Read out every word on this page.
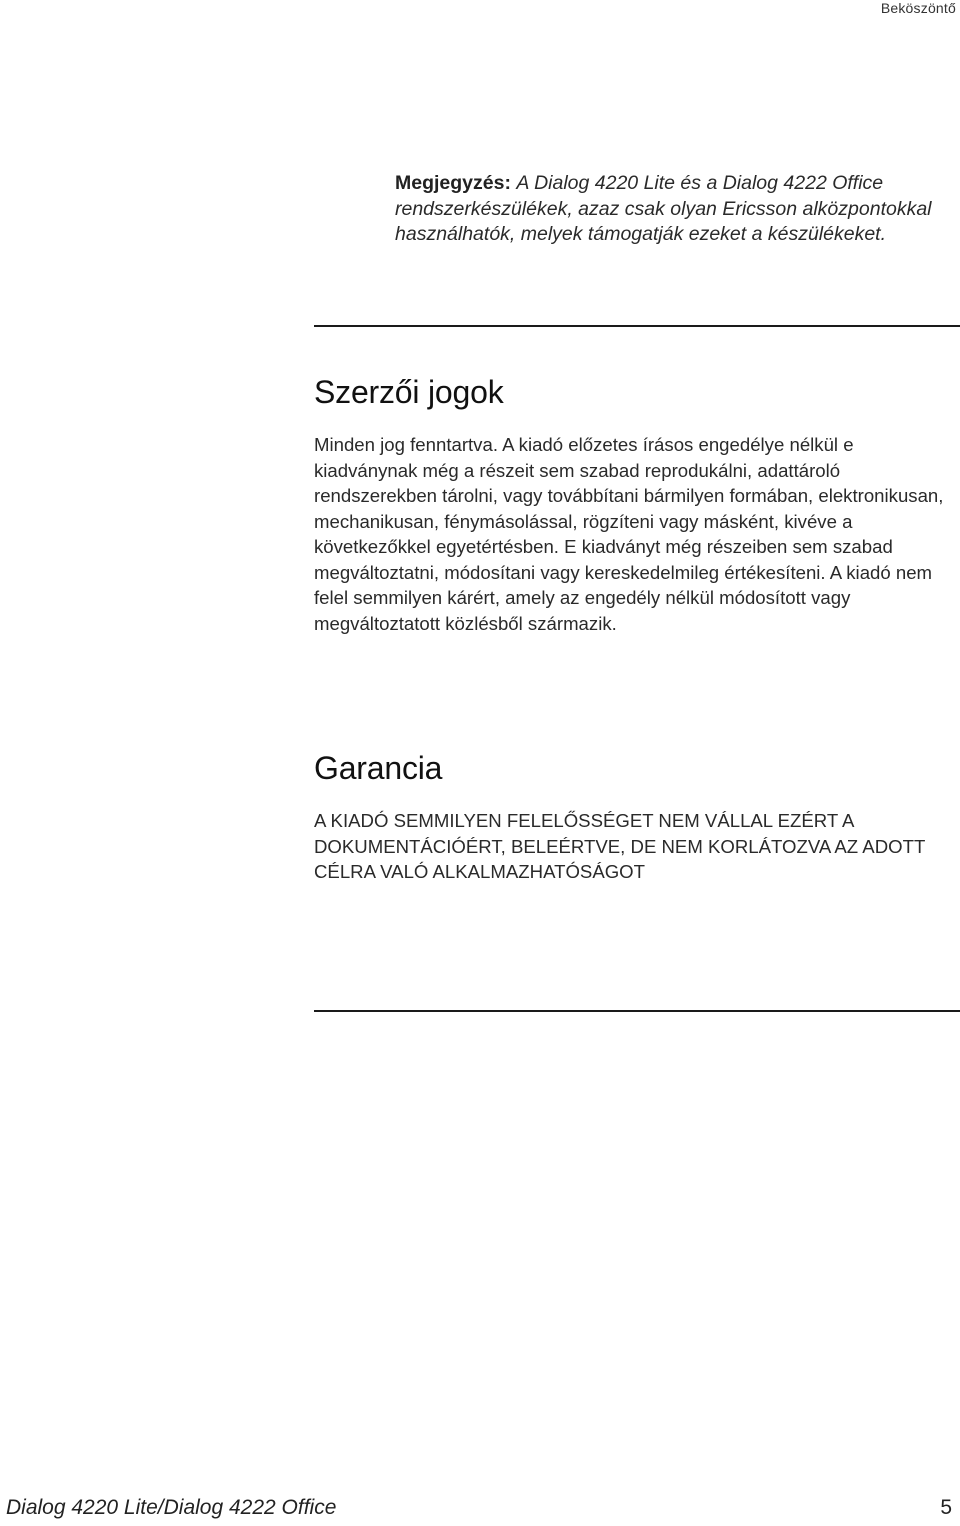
Beköszöntő
Megjegyzés: A Dialog 4220 Lite és a Dialog 4222 Office rendszerkészülékek, azaz csak olyan Ericsson alközpontokkal használhatók, melyek támogatják ezeket a készülékeket.
Szerzői jogok

Minden jog fenntartva. A kiadó előzetes írásos engedélye nélkül e kiadványnak még a részeit sem szabad reprodukálni, adattároló rendszerekben tárolni, vagy továbbítani bármilyen formában, elektronikusan, mechanikusan, fénymásolással, rögzíteni vagy másként, kivéve a következőkkel egyetértésben. E kiadványt még részeiben sem szabad megváltoztatni, módosítani vagy kereskedelmileg értékesíteni. A kiadó nem felel semmilyen kárért, amely az engedély nélkül módosított vagy megváltoztatott közlésből származik.

Garancia

A KIADÓ SEMMILYEN FELELŐSSÉGET NEM VÁLLAL EZÉRT A DOKUMENTÁCIÓÉRT, BELEÉRTVE, DE NEM KORLÁTOZVA AZ ADOTT CÉLRA VALÓ ALKALMAZHATÓSÁGOT

Dialog 4220 Lite/Dialog 4222 Office	5
